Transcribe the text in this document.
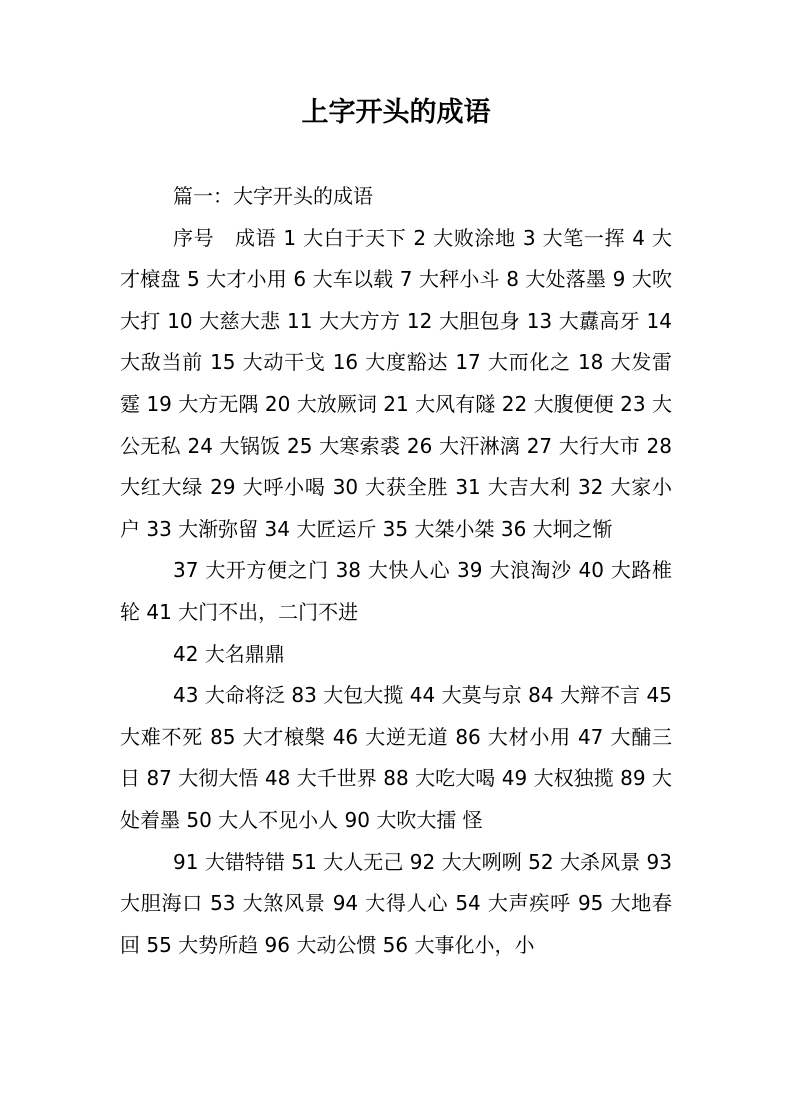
上字开头的成语

篇一：大字开头的成语

序号　成语 1 大白于天下 2 大败涂地 3 大笔一挥 4 大才榱盘 5 大才小用 6 大车以载 7 大秤小斗 8 大处落墨 9 大吹大打 10 大慈大悲 11 大大方方 12 大胆包身 13 大纛高牙 14 大敌当前 15 大动干戈 16 大度豁达 17 大而化之 18 大发雷霆 19 大方无隅 20 大放厥词 21 大风有隧 22 大腹便便 23 大公无私 24 大锅饭 25 大寒索裘 26 大汗淋漓 27 大行大市 28 大红大绿 29 大呼小喝 30 大获全胜 31 大吉大利 32 大家小户 33 大渐弥留 34 大匠运斤 35 大桀小桀 36 大坰之惭

37 大开方便之门 38 大快人心 39 大浪淘沙 40 大路椎轮 41 大门不出，二门不进

42 大名鼎鼎

43 大命将泛 83 大包大揽 44 大莫与京 84 大辩不言 45 大难不死 85 大才榱槃 46 大逆无道 86 大材小用 47 大酺三日 87 大彻大悟 48 大千世界 88 大吃大喝 49 大权独揽 89 大处着墨 50 大人不见小人 90 大吹大擂 怪

91 大错特错 51 大人无己 92 大大咧咧 52 大杀风景 93 大胆海口 53 大煞风景 94 大得人心 54 大声疾呼 95 大地春回 55 大势所趋 96 大动公惯 56 大事化小，小
